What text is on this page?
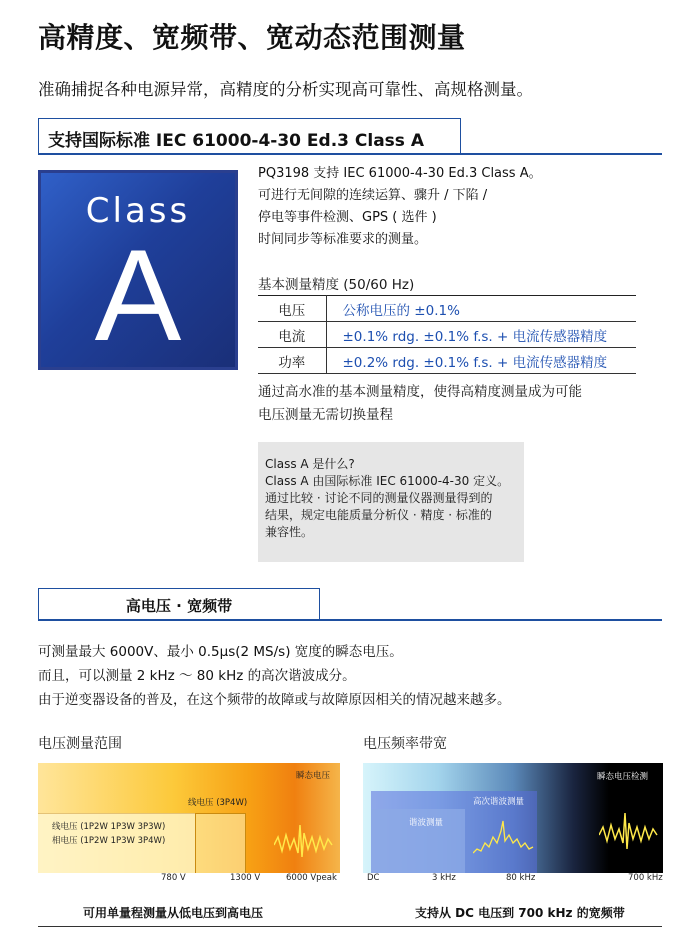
高精度、宽频带、宽动态范围测量
准确捕捉各种电源异常，高精度的分析实现高可靠性、高规格测量。
支持国际标准 IEC 61000-4-30 Ed.3 Class A
Class
A
PQ3198 支持 IEC 61000-4-30 Ed.3 Class A。
可进行无间隙的连续运算、骤升 / 下陷 /
停电等事件检测、GPS ( 选件 )
时间同步等标准要求的测量。
基本测量精度 (50/60 Hz)
电压	公称电压的 ±0.1%
电流	±0.1% rdg. ±0.1% f.s. + 电流传感器精度
功率	±0.2% rdg. ±0.1% f.s. + 电流传感器精度
通过高水准的基本测量精度，使得高精度测量成为可能
电压测量无需切换量程
Class A 是什么?
Class A 由国际标准 IEC 61000-4-30 定义。
通过比较 · 讨论不同的测量仪器测量得到的
结果，规定电能质量分析仪 · 精度 · 标准的
兼容性。
高电压 · 宽频带
可测量最大 6000V、最小 0.5µs(2 MS/s) 宽度的瞬态电压。
而且，可以测量 2 kHz ～ 80 kHz 的高次谐波成分。
由于逆变器设备的普及，在这个频带的故障或与故障原因相关的情况越来越多。
电压测量范围
瞬态电压
线电压 (3P4W)
线电压 (1P2W 1P3W 3P3W)
相电压 (1P2W 1P3W 3P4W)
780 V	1300 V	6000 Vpeak
可用单量程测量从低电压到高电压
电压频率带宽
瞬态电压检测
高次谐波测量
谐波测量
DC	3 kHz	80 kHz	700 kHz
支持从 DC 电压到 700 kHz 的宽频带
